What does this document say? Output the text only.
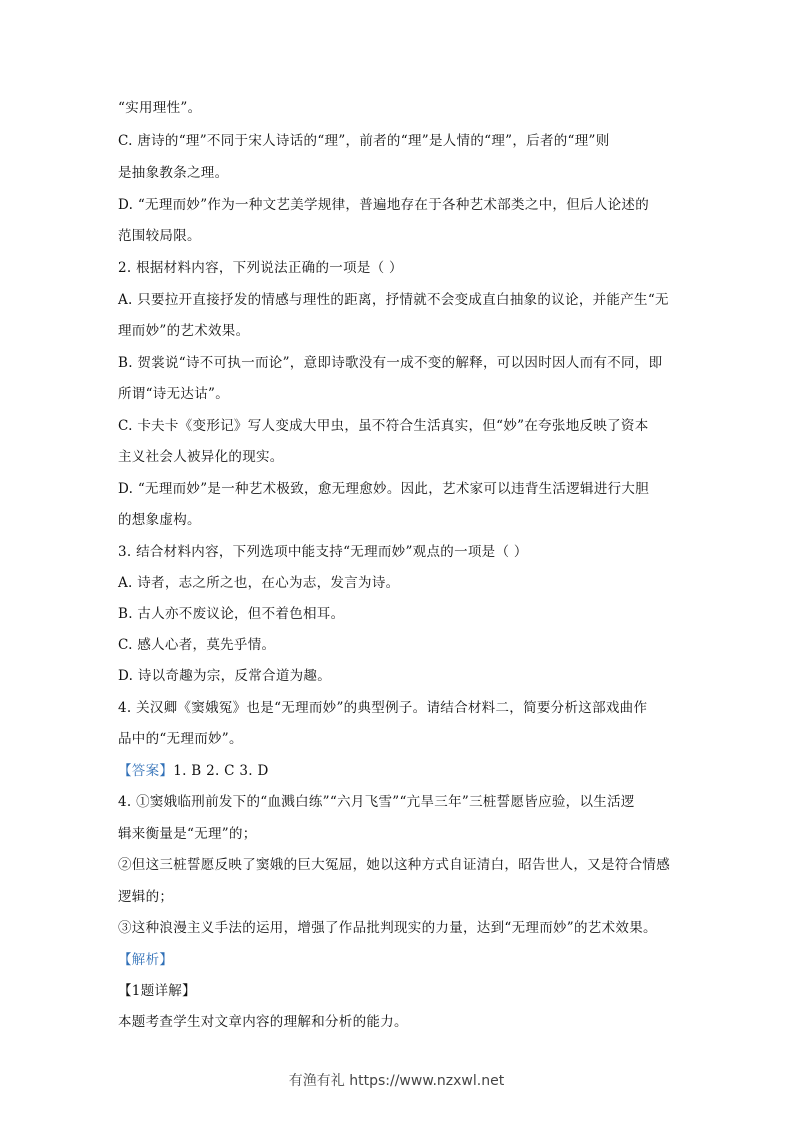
“实用理性”。
C. 唐诗的“理”不同于宋人诗话的“理”，前者的“理”是人情的“理”，后者的“理”则
是抽象教条之理。
D. “无理而妙”作为一种文艺美学规律，普遍地存在于各种艺术部类之中，但后人论述的
范围较局限。
2. 根据材料内容，下列说法正确的一项是（ ）
A. 只要拉开直接抒发的情感与理性的距离，抒情就不会变成直白抽象的议论，并能产生“无
理而妙”的艺术效果。
B. 贺裳说“诗不可执一而论”，意即诗歌没有一成不变的解释，可以因时因人而有不同，即
所谓“诗无达诂”。
C. 卡夫卡《变形记》写人变成大甲虫，虽不符合生活真实，但“妙”在夸张地反映了资本
主义社会人被异化的现实。
D. “无理而妙”是一种艺术极致，愈无理愈妙。因此，艺术家可以违背生活逻辑进行大胆
的想象虚构。
3. 结合材料内容，下列选项中能支持“无理而妙”观点的一项是（ ）
A. 诗者，志之所之也，在心为志，发言为诗。
B. 古人亦不废议论，但不着色相耳。
C. 感人心者，莫先乎情。
D. 诗以奇趣为宗，反常合道为趣。
4. 关汉卿《窦娥冤》也是“无理而妙”的典型例子。请结合材料二，简要分析这部戏曲作
品中的“无理而妙”。
【答案】1. B 2. C 3. D
4. ①窦娥临刑前发下的“血溅白练”“六月飞雪”“亢旱三年”三桩誓愿皆应验，以生活逻
辑来衡量是“无理”的；
②但这三桩誓愿反映了窦娥的巨大冤屈，她以这种方式自证清白，昭告世人，又是符合情感
逻辑的；
③这种浪漫主义手法的运用，增强了作品批判现实的力量，达到“无理而妙”的艺术效果。
【解析】
【1题详解】
本题考查学生对文章内容的理解和分析的能力。
有渔有礼 https://www.nzxwl.net
